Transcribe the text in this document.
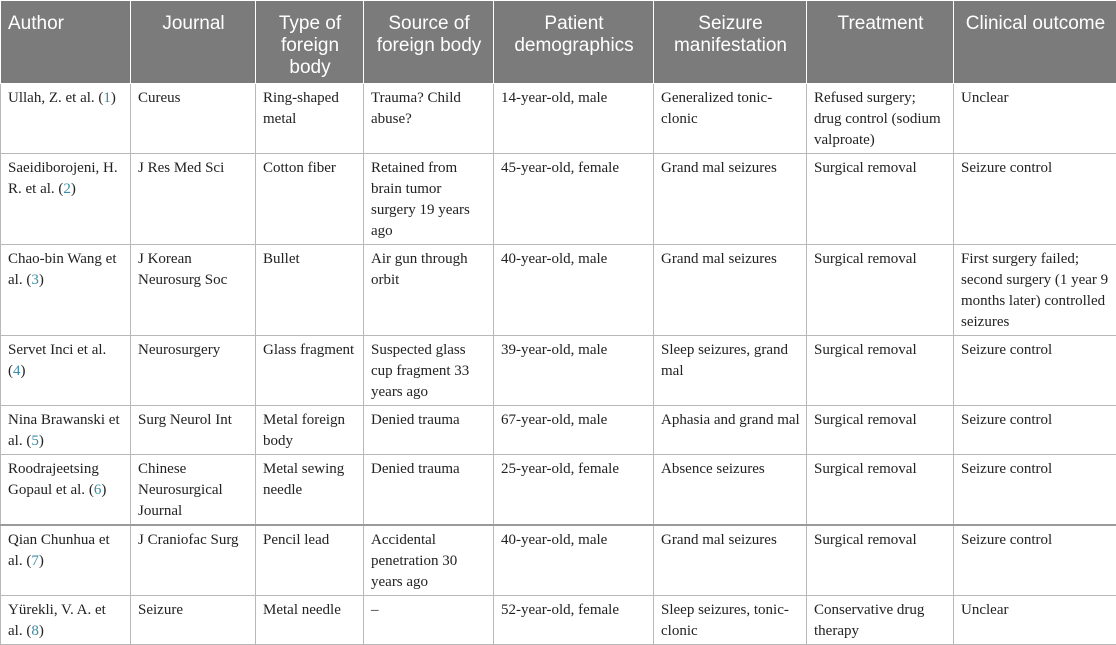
Author	Journal	Type of foreign body	Source of foreign body	Patient demographics	Seizure manifestation	Treatment	Clinical outcome
Ullah, Z. et al. (1)	Cureus	Ring-shaped metal	Trauma? Child abuse?	14-year-old, male	Generalized tonic-clonic	Refused surgery; drug control (sodium valproate)	Unclear
Saeidiborojeni, H. R. et al. (2)	J Res Med Sci	Cotton fiber	Retained from brain tumor surgery 19 years ago	45-year-old, female	Grand mal seizures	Surgical removal	Seizure control
Chao-bin Wang et al. (3)	J Korean Neurosurg Soc	Bullet	Air gun through orbit	40-year-old, male	Grand mal seizures	Surgical removal	First surgery failed; second surgery (1 year 9 months later) controlled seizures
Servet Inci et al. (4)	Neurosurgery	Glass fragment	Suspected glass cup fragment 33 years ago	39-year-old, male	Sleep seizures, grand mal	Surgical removal	Seizure control
Nina Brawanski et al. (5)	Surg Neurol Int	Metal foreign body	Denied trauma	67-year-old, male	Aphasia and grand mal	Surgical removal	Seizure control
Roodrajeetsing Gopaul et al. (6)	Chinese Neurosurgical Journal	Metal sewing needle	Denied trauma	25-year-old, female	Absence seizures	Surgical removal	Seizure control
Qian Chunhua et al. (7)	J Craniofac Surg	Pencil lead	Accidental penetration 30 years ago	40-year-old, male	Grand mal seizures	Surgical removal	Seizure control
Yürekli, V. A. et al. (8)	Seizure	Metal needle	–	52-year-old, female	Sleep seizures, tonic-clonic	Conservative drug therapy	Unclear
